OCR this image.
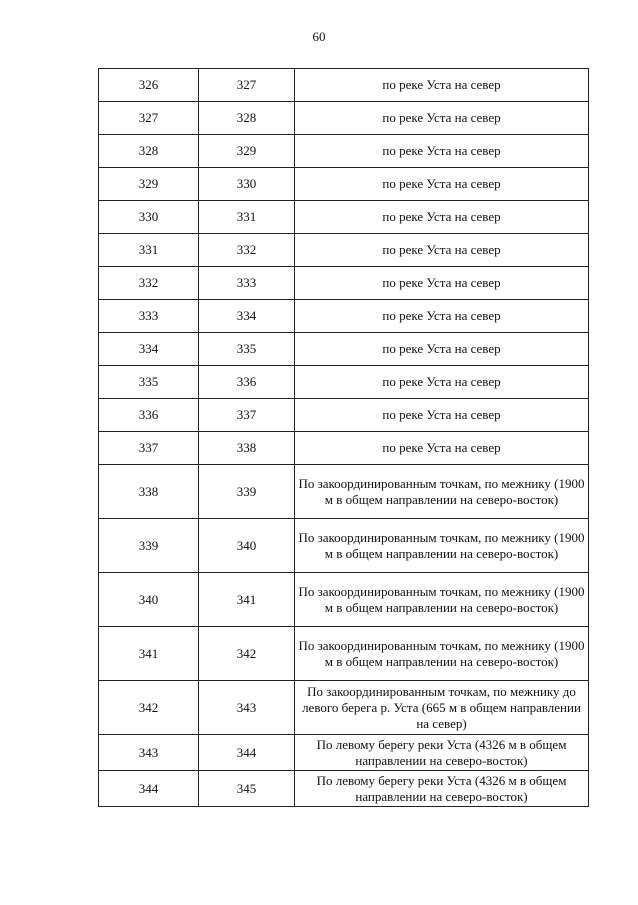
60
326	327	по реке Уста на север
327	328	по реке Уста на север
328	329	по реке Уста на север
329	330	по реке Уста на север
330	331	по реке Уста на север
331	332	по реке Уста на север
332	333	по реке Уста на север
333	334	по реке Уста на север
334	335	по реке Уста на север
335	336	по реке Уста на север
336	337	по реке Уста на север
337	338	по реке Уста на север
338	339	По закоординированным точкам, по межнику (1900 м в общем направлении на северо-восток)
339	340	По закоординированным точкам, по межнику (1900 м в общем направлении на северо-восток)
340	341	По закоординированным точкам, по межнику (1900 м в общем направлении на северо-восток)
341	342	По закоординированным точкам, по межнику (1900 м в общем направлении на северо-восток)
342	343	По закоординированным точкам, по межнику до левого берега р. Уста (665 м в общем направлении на север)
343	344	По левому берегу реки Уста (4326 м в общем направлении на северо-восток)
344	345	По левому берегу реки Уста (4326 м в общем направлении на северо-восток)
